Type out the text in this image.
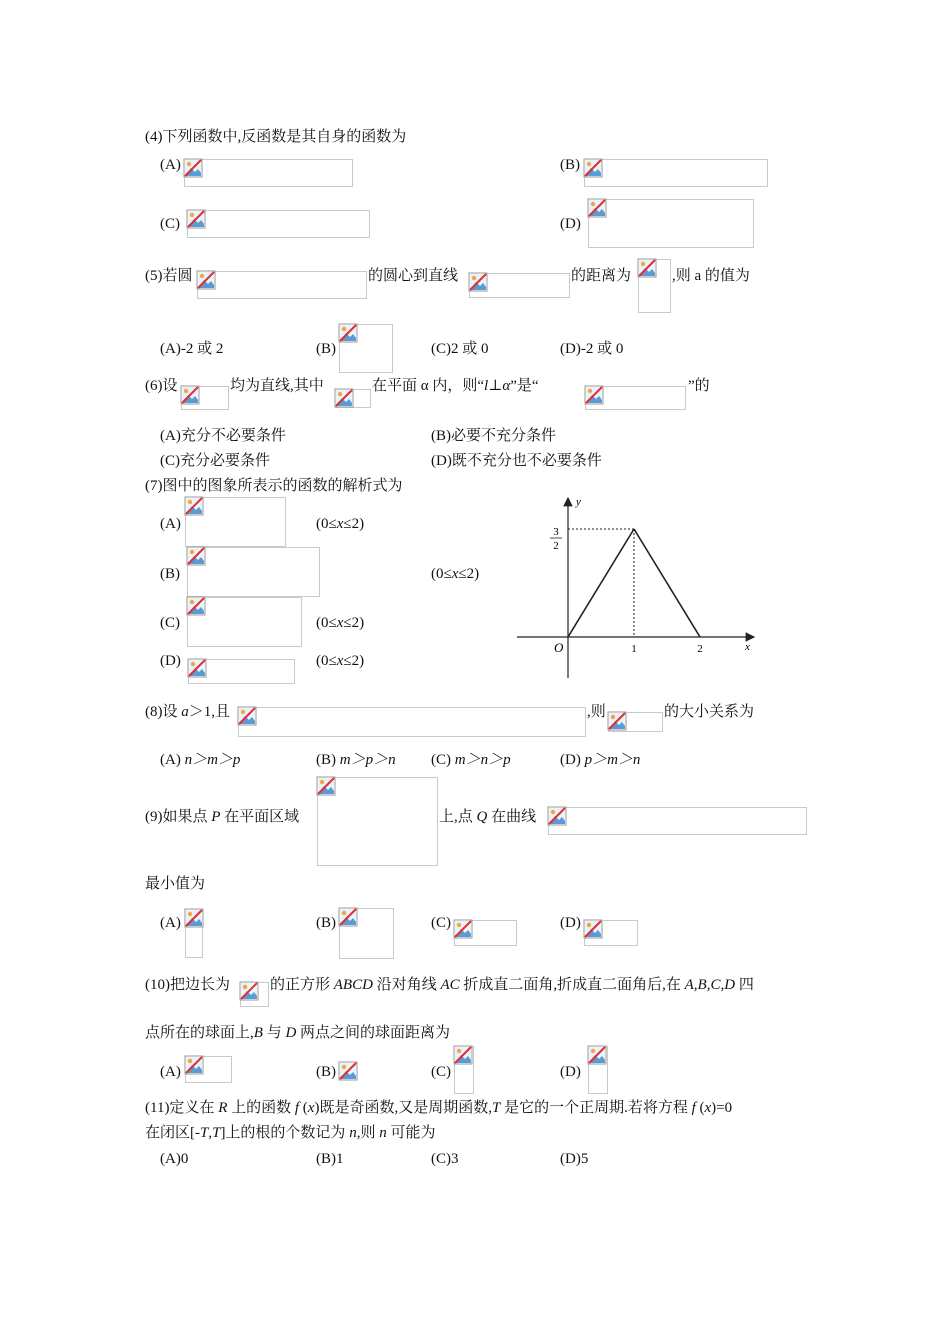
(4)下列函数中,反函数是其自身的函数为
(A)	(B)
(C)	(D)
(5)若圆	的圆心到直线	的距离为	,则 a 的值为
(A)-2 或 2	(B)	(C)2 或 0	(D)-2 或 0
(6)设	均为直线,其中	在平面 α 内，则“l⊥α”是“	”的
(A)充分不必要条件	(B)必要不充分条件
(C)充分必要条件	(D)既不充分也不必要条件
(7)图中的图象所表示的函数的解析式为
(A)	(0≤x≤2)
(B)	(0≤x≤2)
(C)	(0≤x≤2)
(D)	(0≤x≤2)
y
x
O
3
2
1	2
(8)设 a＞1,且	,则	的大小关系为
(A) n＞m＞p	(B) m＞p＞n (C) m＞n＞p	(D) p＞m＞n
(9)如果点 P 在平面区域	上,点 Q 在曲线
最小值为
(A)	(B)	(C)	(D)
(10)把边长为	的正方形 ABCD 沿对角线 AC 折成直二面角,折成直二面角后,在 A,B,C,D 四
点所在的球面上,B 与 D 两点之间的球面距离为
(A)	(B)	(C)	(D)
(11)定义在 R 上的函数 f (x)既是奇函数,又是周期函数,T 是它的一个正周期.若将方程 f (x)=0
在闭区[-T,T]上的根的个数记为 n,则 n 可能为
(A)0	(B)1	(C)3	(D)5
